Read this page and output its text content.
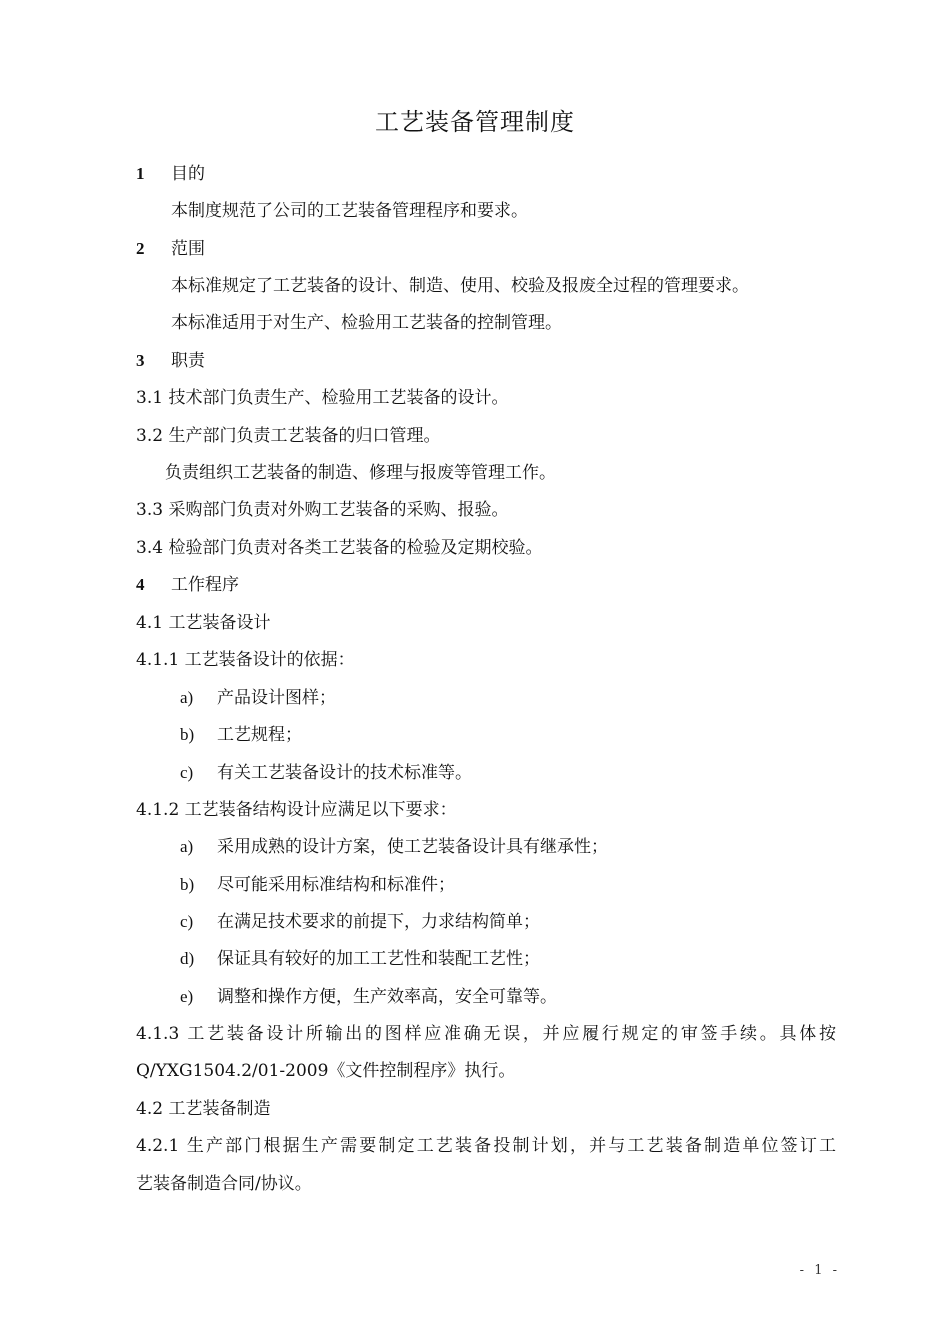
工艺装备管理制度
1 目的
本制度规范了公司的工艺装备管理程序和要求。
2 范围
本标准规定了工艺装备的设计、制造、使用、校验及报废全过程的管理要求。
本标准适用于对生产、检验用工艺装备的控制管理。
3 职责
3.1 技术部门负责生产、检验用工艺装备的设计。
3.2 生产部门负责工艺装备的归口管理。
负责组织工艺装备的制造、修理与报废等管理工作。
3.3 采购部门负责对外购工艺装备的采购、报验。
3.4 检验部门负责对各类工艺装备的检验及定期校验。
4 工作程序
4.1 工艺装备设计
4.1.1 工艺装备设计的依据：
a) 产品设计图样；
b) 工艺规程；
c) 有关工艺装备设计的技术标准等。
4.1.2 工艺装备结构设计应满足以下要求：
a) 采用成熟的设计方案，使工艺装备设计具有继承性；
b) 尽可能采用标准结构和标准件；
c) 在满足技术要求的前提下，力求结构简单；
d) 保证具有较好的加工工艺性和装配工艺性；
e) 调整和操作方便，生产效率高，安全可靠等。
4.1.3 工艺装备设计所输出的图样应准确无误，并应履行规定的审签手续。具体按
Q/YXG1504.2/01-2009《文件控制程序》执行。
4.2 工艺装备制造
4.2.1 生产部门根据生产需要制定工艺装备投制计划，并与工艺装备制造单位签订工
艺装备制造合同/协议。
- 1 -
